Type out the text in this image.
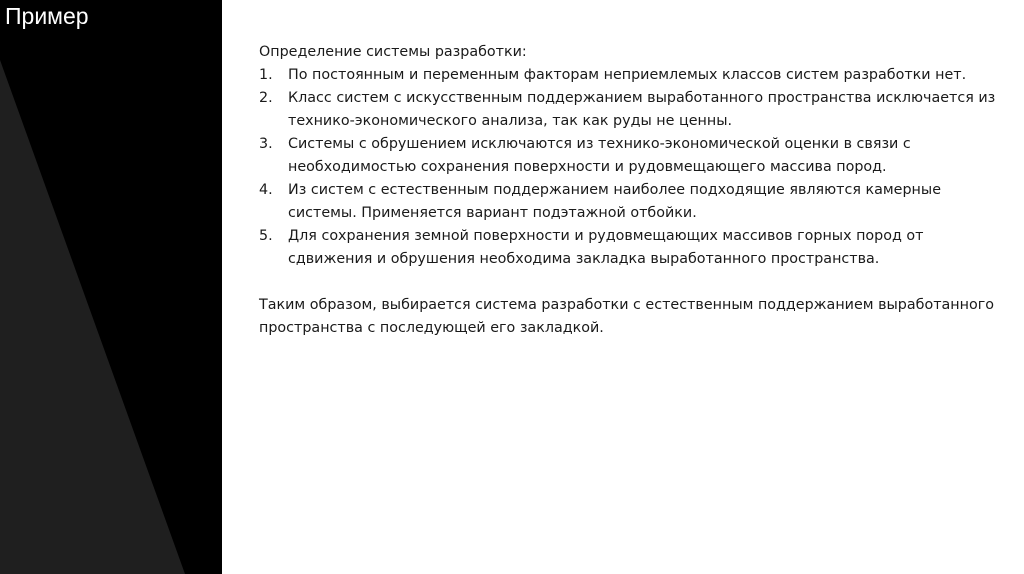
Пример

Определение системы разработки:

1. По постоянным и переменным факторам неприемлемых классов систем разработки нет.
2. Класс систем с искусственным поддержанием выработанного пространства исключается из технико-экономического анализа, так как руды не ценны.
3. Системы с обрушением исключаются из технико-экономической оценки в связи с необходимостью сохранения поверхности и рудовмещающего массива пород.
4. Из систем с естественным поддержанием наиболее подходящие являются камерные системы. Применяется вариант подэтажной отбойки.
5. Для сохранения земной поверхности и рудовмещающих массивов горных пород от сдвижения и обрушения необходима закладка выработанного пространства.

Таким образом, выбирается система разработки с естественным поддержанием выработанного пространства с последующей его закладкой.
